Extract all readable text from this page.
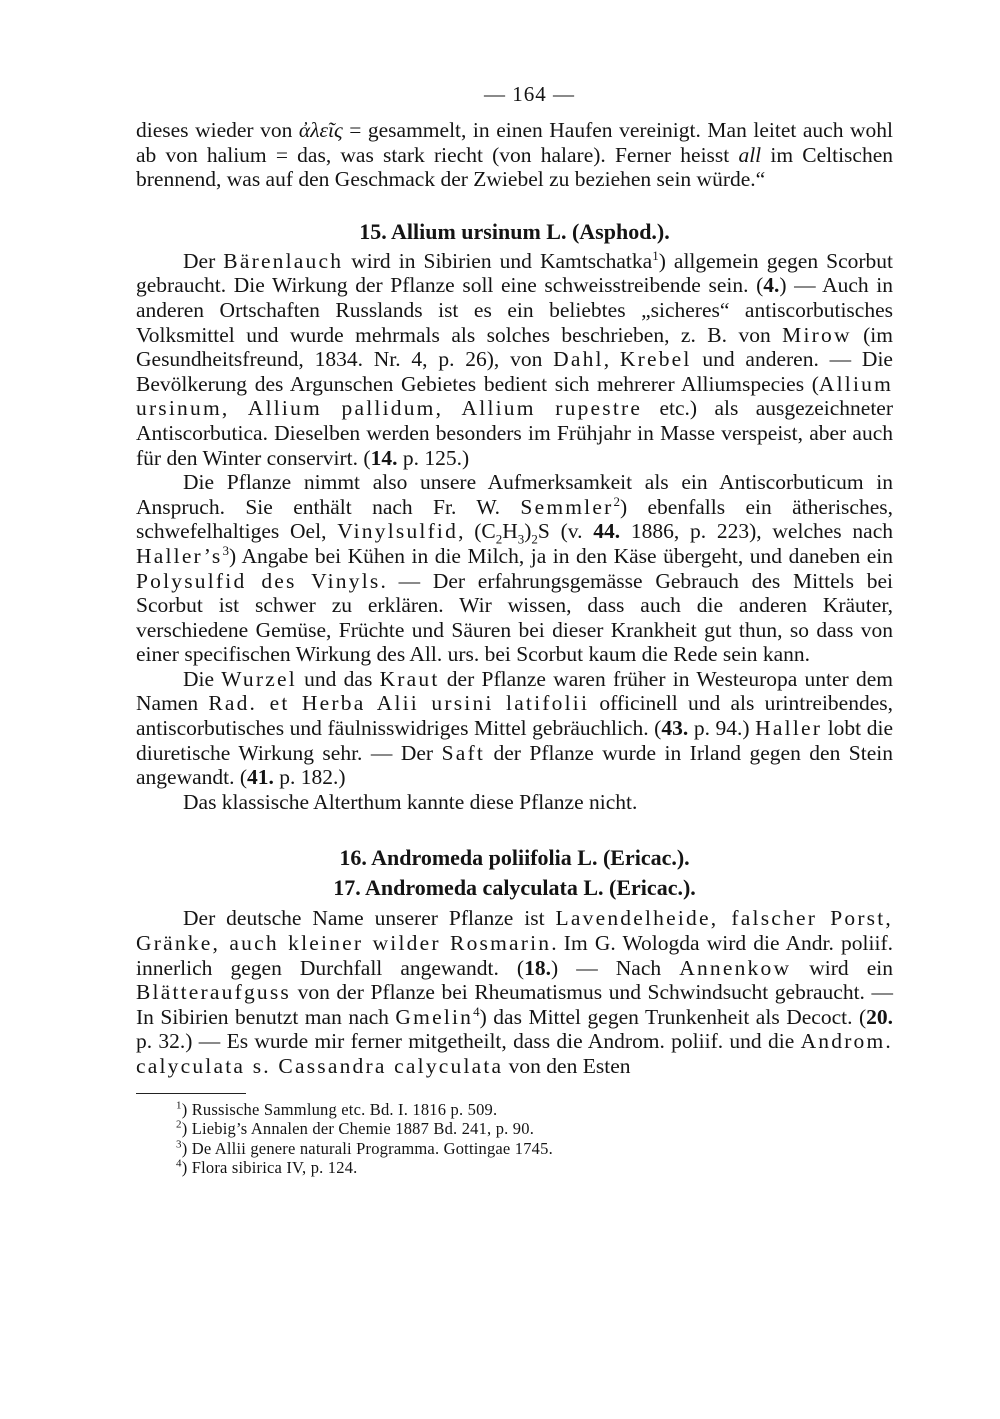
— 164 —

dieses wieder von ἀλεῖς = gesammelt, in einen Haufen vereinigt. Man leitet auch wohl ab von halium = das, was stark riecht (von halare). Ferner heisst all im Celtischen brennend, was auf den Geschmack der Zwiebel zu beziehen sein würde.“

15. Allium ursinum L. (Asphod.).

Der Bärenlauch wird in Sibirien und Kamtschatka$^1$) allgemein gegen Scorbut gebraucht. Die Wirkung der Pflanze soll eine schweisstreibende sein. (4.) — Auch in anderen Ortschaften Russlands ist es ein beliebtes „sicheres“ antiscorbutisches Volksmittel und wurde mehrmals als solches beschrieben, z. B. von Mirow (im Gesundheitsfreund, 1834. Nr. 4, p. 26), von Dahl, Krebel und anderen. — Die Bevölkerung des Argunschen Gebietes bedient sich mehrerer Alliumspecies (Allium ursinum, Allium pallidum, Allium rupestre etc.) als ausgezeichneter Antiscorbutica. Dieselben werden besonders im Frühjahr in Masse verspeist, aber auch für den Winter conservirt. (14. p. 125.)

Die Pflanze nimmt also unsere Aufmerksamkeit als ein Antiscorbuticum in Anspruch. Sie enthält nach Fr. W. Semmler$^2$) ebenfalls ein ätherisches, schwefelhaltiges Oel, Vinylsulfid, $(C_2H_3)_2S$ (v. 44. 1886, p. 223), welches nach $Haller’s^3$) Angabe bei Kühen in die Milch, ja in den Käse übergeht, und daneben ein Polysulfid des Vinyls. — Der erfahrungsgemässe Gebrauch des Mittels bei Scorbut ist schwer zu erklären. Wir wissen, dass auch die anderen Kräuter, verschiedene Gemüse, Früchte und Säuren bei dieser Krankheit gut thun, so dass von einer specifischen Wirkung des All. urs. bei Scorbut kaum die Rede sein kann.

Die Wurzel und das Kraut der Pflanze waren früher in Westeuropa unter dem Namen Rad. et Herba Alii ursini latifolii officinell und als urintreibendes, antiscorbutisches und fäulnisswidriges Mittel gebräuchlich. (43. p. 94.) Haller lobt die diuretische Wirkung sehr. — Der Saft der Pflanze wurde in Irland gegen den Stein angewandt. (41. p. 182.)

Das klassische Alterthum kannte diese Pflanze nicht.

16. Andromeda poliifolia L. (Ericac.).
17. Andromeda calyculata L. (Ericac.).

Der deutsche Name unserer Pflanze ist Lavendelheide, falscher Porst, Gränke, auch kleiner wilder Rosmarin. Im G. Wologda wird die Andr. poliif. innerlich gegen Durchfall angewandt. (18.) — Nach Annenkow wird ein Blätteraufguss von der Pflanze bei Rheumatismus und Schwindsucht gebraucht. — In Sibirien benutzt man nach Gmelin$^4$) das Mittel gegen Trunkenheit als Decoct. (20. p. 32.) — Es wurde mir ferner mitgetheilt, dass die Androm. poliif. und die Androm. calyculata s. Cassandra calyculata von den Esten

$^1$) Russische Sammlung etc. Bd. I. 1816 p. 509.

$^2$) Liebig’s Annalen der Chemie 1887 Bd. 241, p. 90.

$^3$) De Allii genere naturali Programma. Gottingae 1745.

$^4$) Flora sibirica IV, p. 124.
